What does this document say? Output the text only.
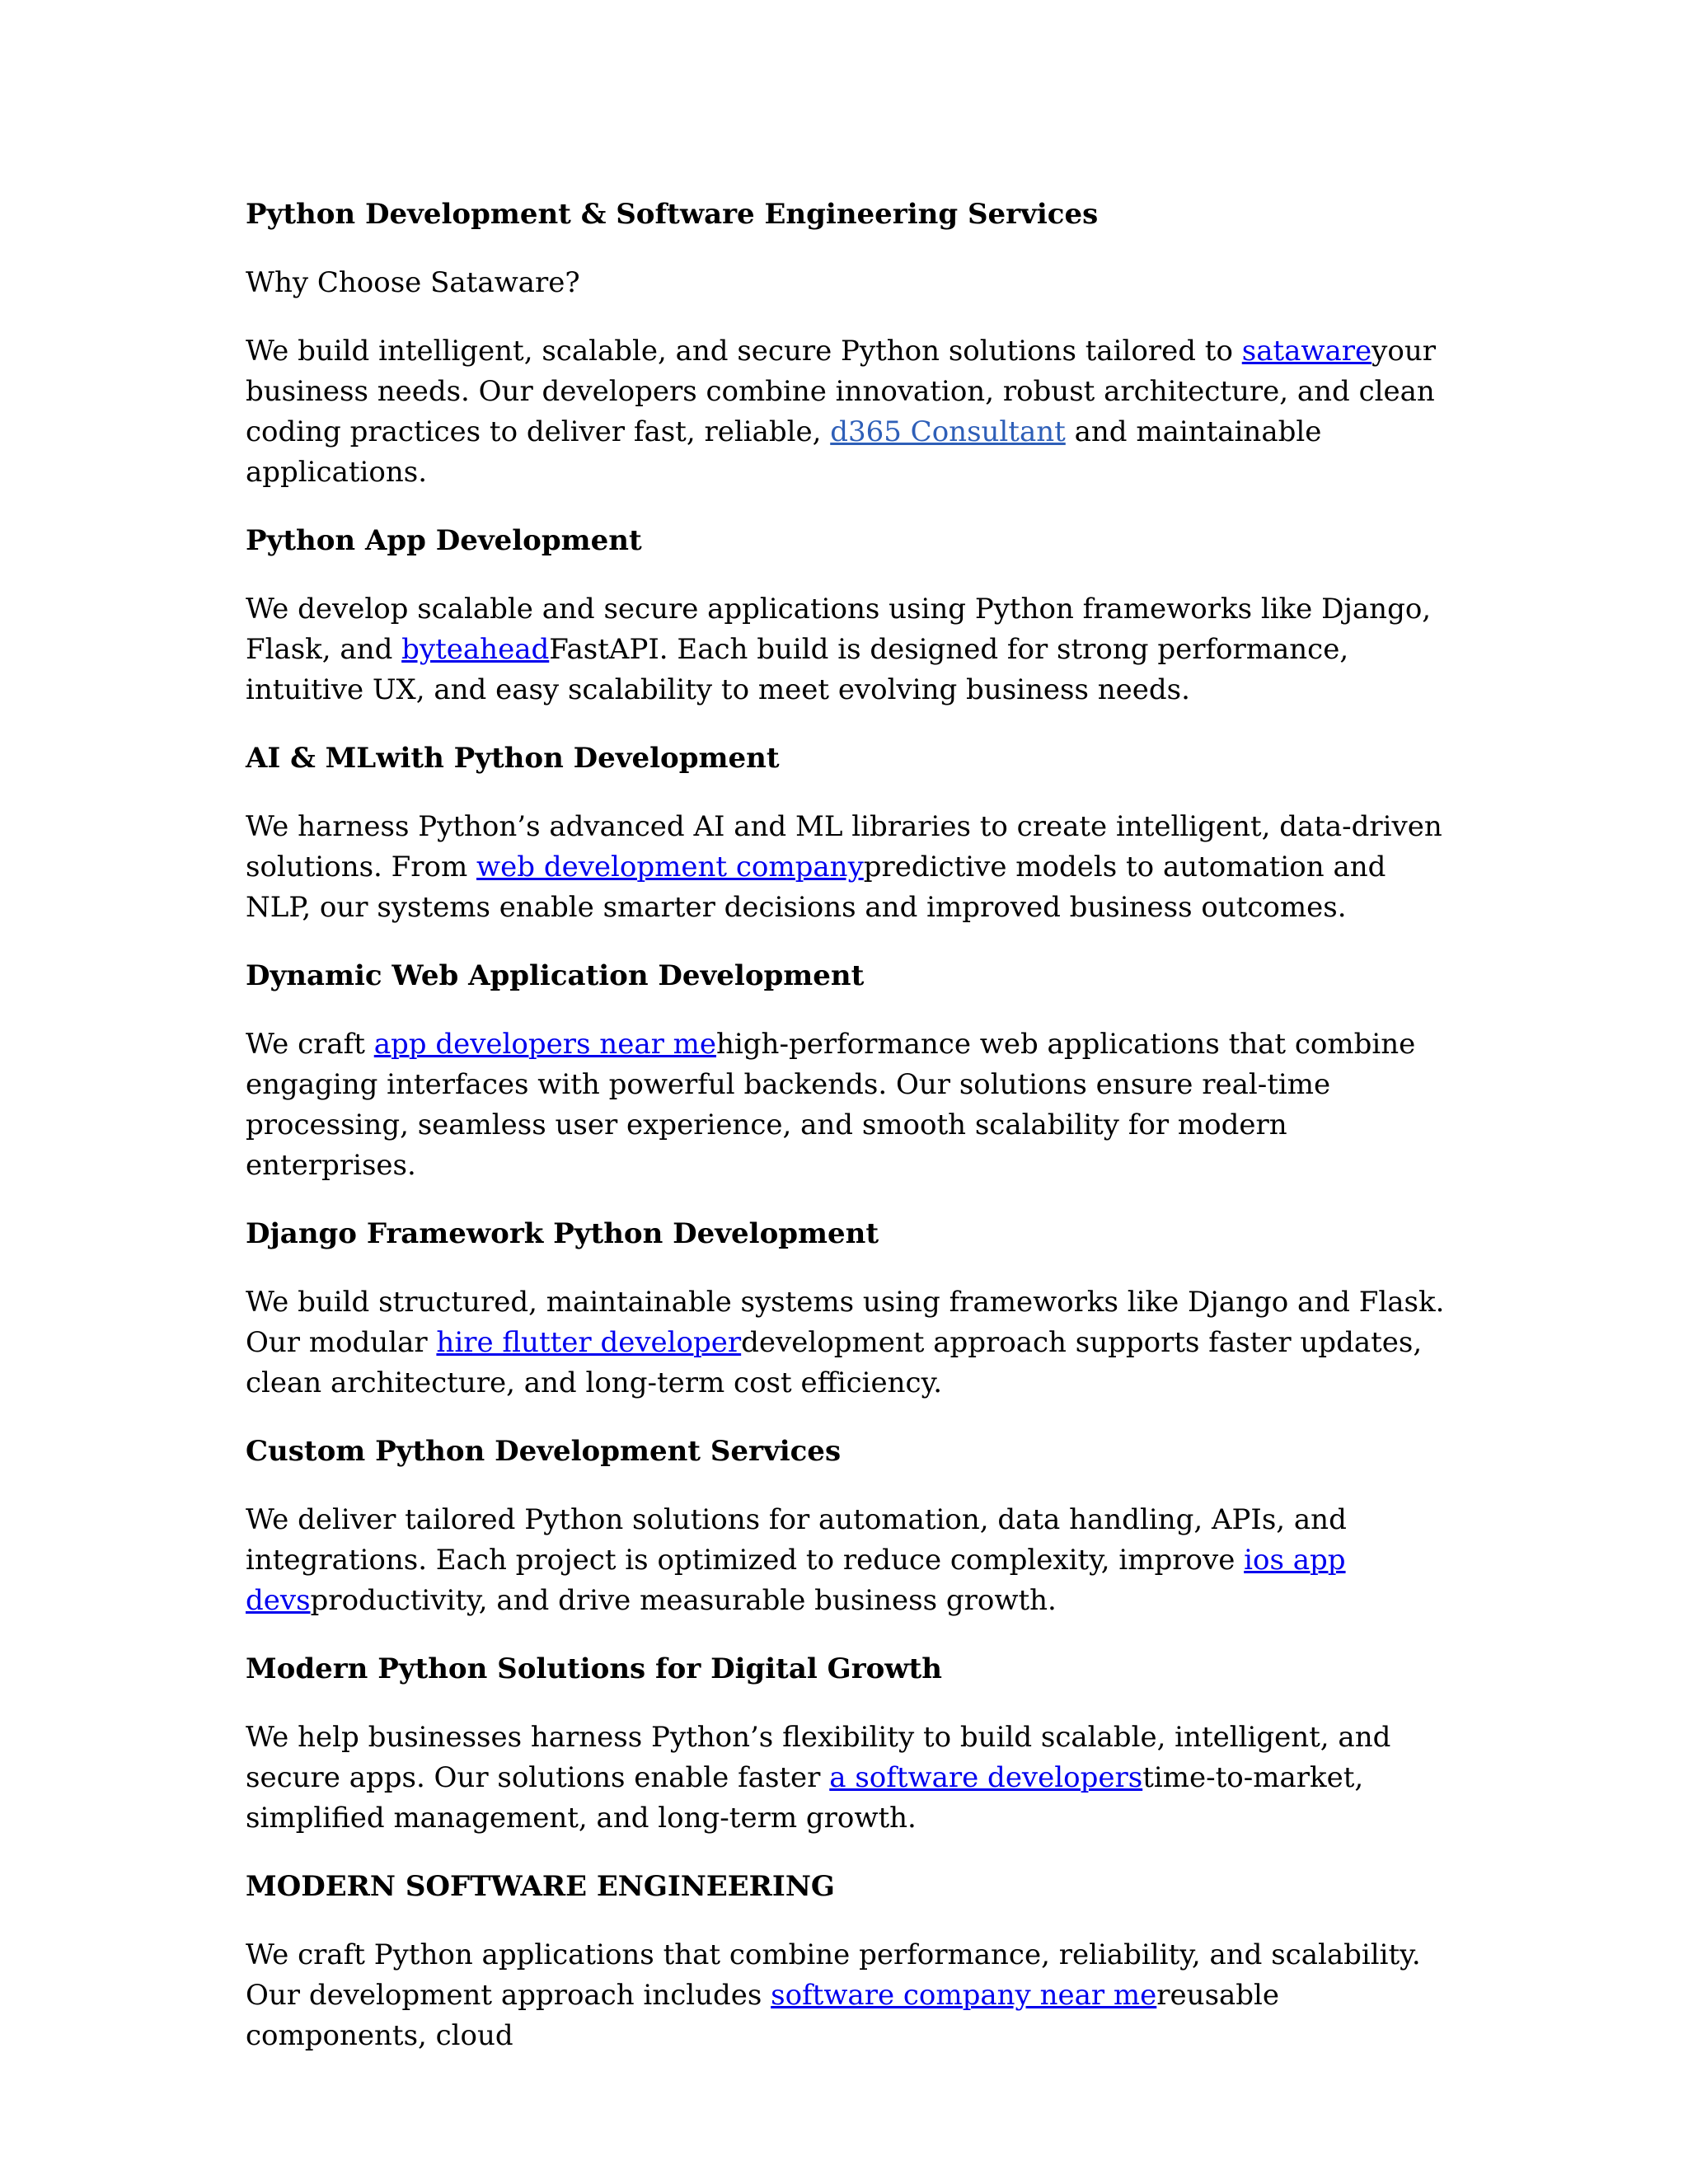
Python Development & Software Engineering Services

Why Choose Sataware?

We build intelligent, scalable, and secure Python solutions tailored to satawareyour business needs. Our developers combine innovation, robust architecture, and clean coding practices to deliver fast, reliable, d365 Consultant and maintainable applications.

Python App Development

We develop scalable and secure applications using Python frameworks like Django, Flask, and byteaheadFastAPI. Each build is designed for strong performance, intuitive UX, and easy scalability to meet evolving business needs.

AI & MLwith Python Development

We harness Python’s advanced AI and ML libraries to create intelligent, data-driven solutions. From web development companypredictive models to automation and NLP, our systems enable smarter decisions and improved business outcomes.

Dynamic Web Application Development

We craft app developers near mehigh-performance web applications that combine engaging interfaces with powerful backends. Our solutions ensure real-time processing, seamless user experience, and smooth scalability for modern enterprises.

Django Framework Python Development

We build structured, maintainable systems using frameworks like Django and Flask. Our modular hire flutter developerdevelopment approach supports faster updates, clean architecture, and long-term cost efficiency.

Custom Python Development Services

We deliver tailored Python solutions for automation, data handling, APIs, and integrations. Each project is optimized to reduce complexity, improve ios app devsproductivity, and drive measurable business growth.

Modern Python Solutions for Digital Growth

We help businesses harness Python’s flexibility to build scalable, intelligent, and secure apps. Our solutions enable faster a software developerstime-to-market, simplified management, and long-term growth.

MODERN SOFTWARE ENGINEERING

We craft Python applications that combine performance, reliability, and scalability. Our development approach includes software company near mereusable components, cloud
